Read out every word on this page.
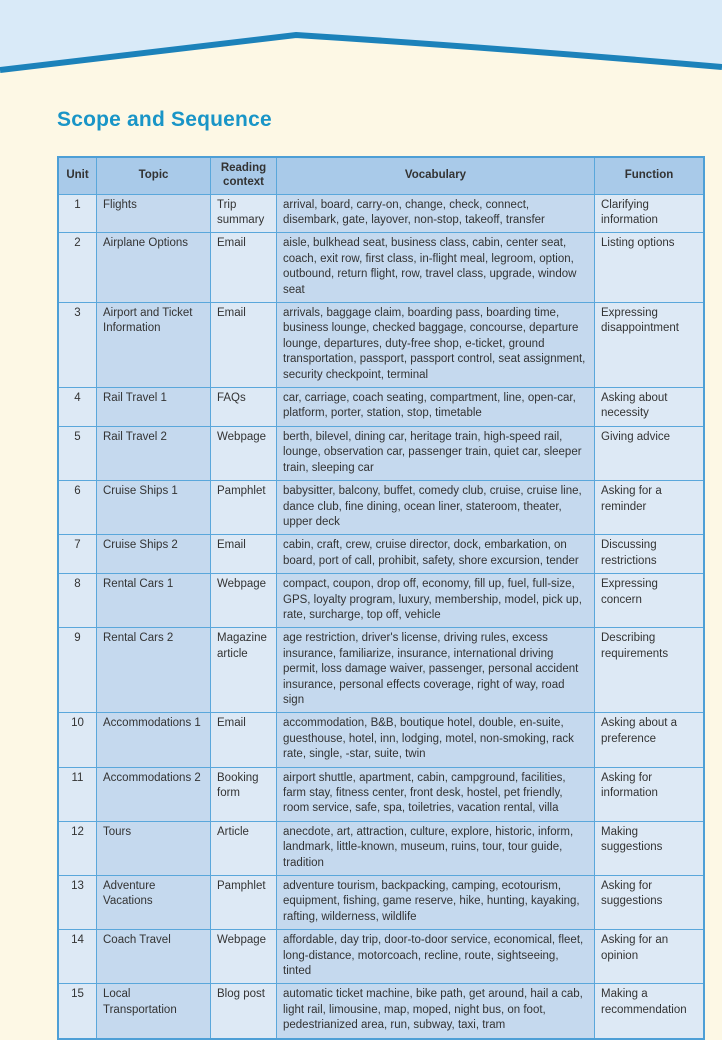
Scope and Sequence
Unit	Topic	Reading context	Vocabulary	Function
1	Flights	Trip summary	arrival, board, carry-on, change, check, connect, disembark, gate, layover, non-stop, takeoff, transfer	Clarifying information
2	Airplane Options	Email	aisle, bulkhead seat, business class, cabin, center seat, coach, exit row, first class, in-flight meal, legroom, option, outbound, return flight, row, travel class, upgrade, window seat	Listing options
3	Airport and Ticket Information	Email	arrivals, baggage claim, boarding pass, boarding time, business lounge, checked baggage, concourse, departure lounge, departures, duty-free shop, e-ticket, ground transportation, passport, passport control, seat assignment, security checkpoint, terminal	Expressing disappointment
4	Rail Travel 1	FAQs	car, carriage, coach seating, compartment, line, open-car, platform, porter, station, stop, timetable	Asking about necessity
5	Rail Travel 2	Webpage	berth, bilevel, dining car, heritage train, high-speed rail, lounge, observation car, passenger train, quiet car, sleeper train, sleeping car	Giving advice
6	Cruise Ships 1	Pamphlet	babysitter, balcony, buffet, comedy club, cruise, cruise line, dance club, fine dining, ocean liner, stateroom, theater, upper deck	Asking for a reminder
7	Cruise Ships 2	Email	cabin, craft, crew, cruise director, dock, embarkation, on board, port of call, prohibit, safety, shore excursion, tender	Discussing restrictions
8	Rental Cars 1	Webpage	compact, coupon, drop off, economy, fill up, fuel, full-size, GPS, loyalty program, luxury, membership, model, pick up, rate, surcharge, top off, vehicle	Expressing concern
9	Rental Cars 2	Magazine article	age restriction, driver's license, driving rules, excess insurance, familiarize, insurance, international driving permit, loss damage waiver, passenger, personal accident insurance, personal effects coverage, right of way, road sign	Describing requirements
10	Accommodations 1	Email	accommodation, B&B, boutique hotel, double, en-suite, guesthouse, hotel, inn, lodging, motel, non-smoking, rack rate, single, -star, suite, twin	Asking about a preference
11	Accommodations 2	Booking form	airport shuttle, apartment, cabin, campground, facilities, farm stay, fitness center, front desk, hostel, pet friendly, room service, safe, spa, toiletries, vacation rental, villa	Asking for information
12	Tours	Article	anecdote, art, attraction, culture, explore, historic, inform, landmark, little-known, museum, ruins, tour, tour guide, tradition	Making suggestions
13	Adventure Vacations	Pamphlet	adventure tourism, backpacking, camping, ecotourism, equipment, fishing, game reserve, hike, hunting, kayaking, rafting, wilderness, wildlife	Asking for suggestions
14	Coach Travel	Webpage	affordable, day trip, door-to-door service, economical, fleet, long-distance, motorcoach, recline, route, sightseeing, tinted	Asking for an opinion
15	Local Transportation	Blog post	automatic ticket machine, bike path, get around, hail a cab, light rail, limousine, map, moped, night bus, on foot, pedestrianized area, run, subway, taxi, tram	Making a recommendation
